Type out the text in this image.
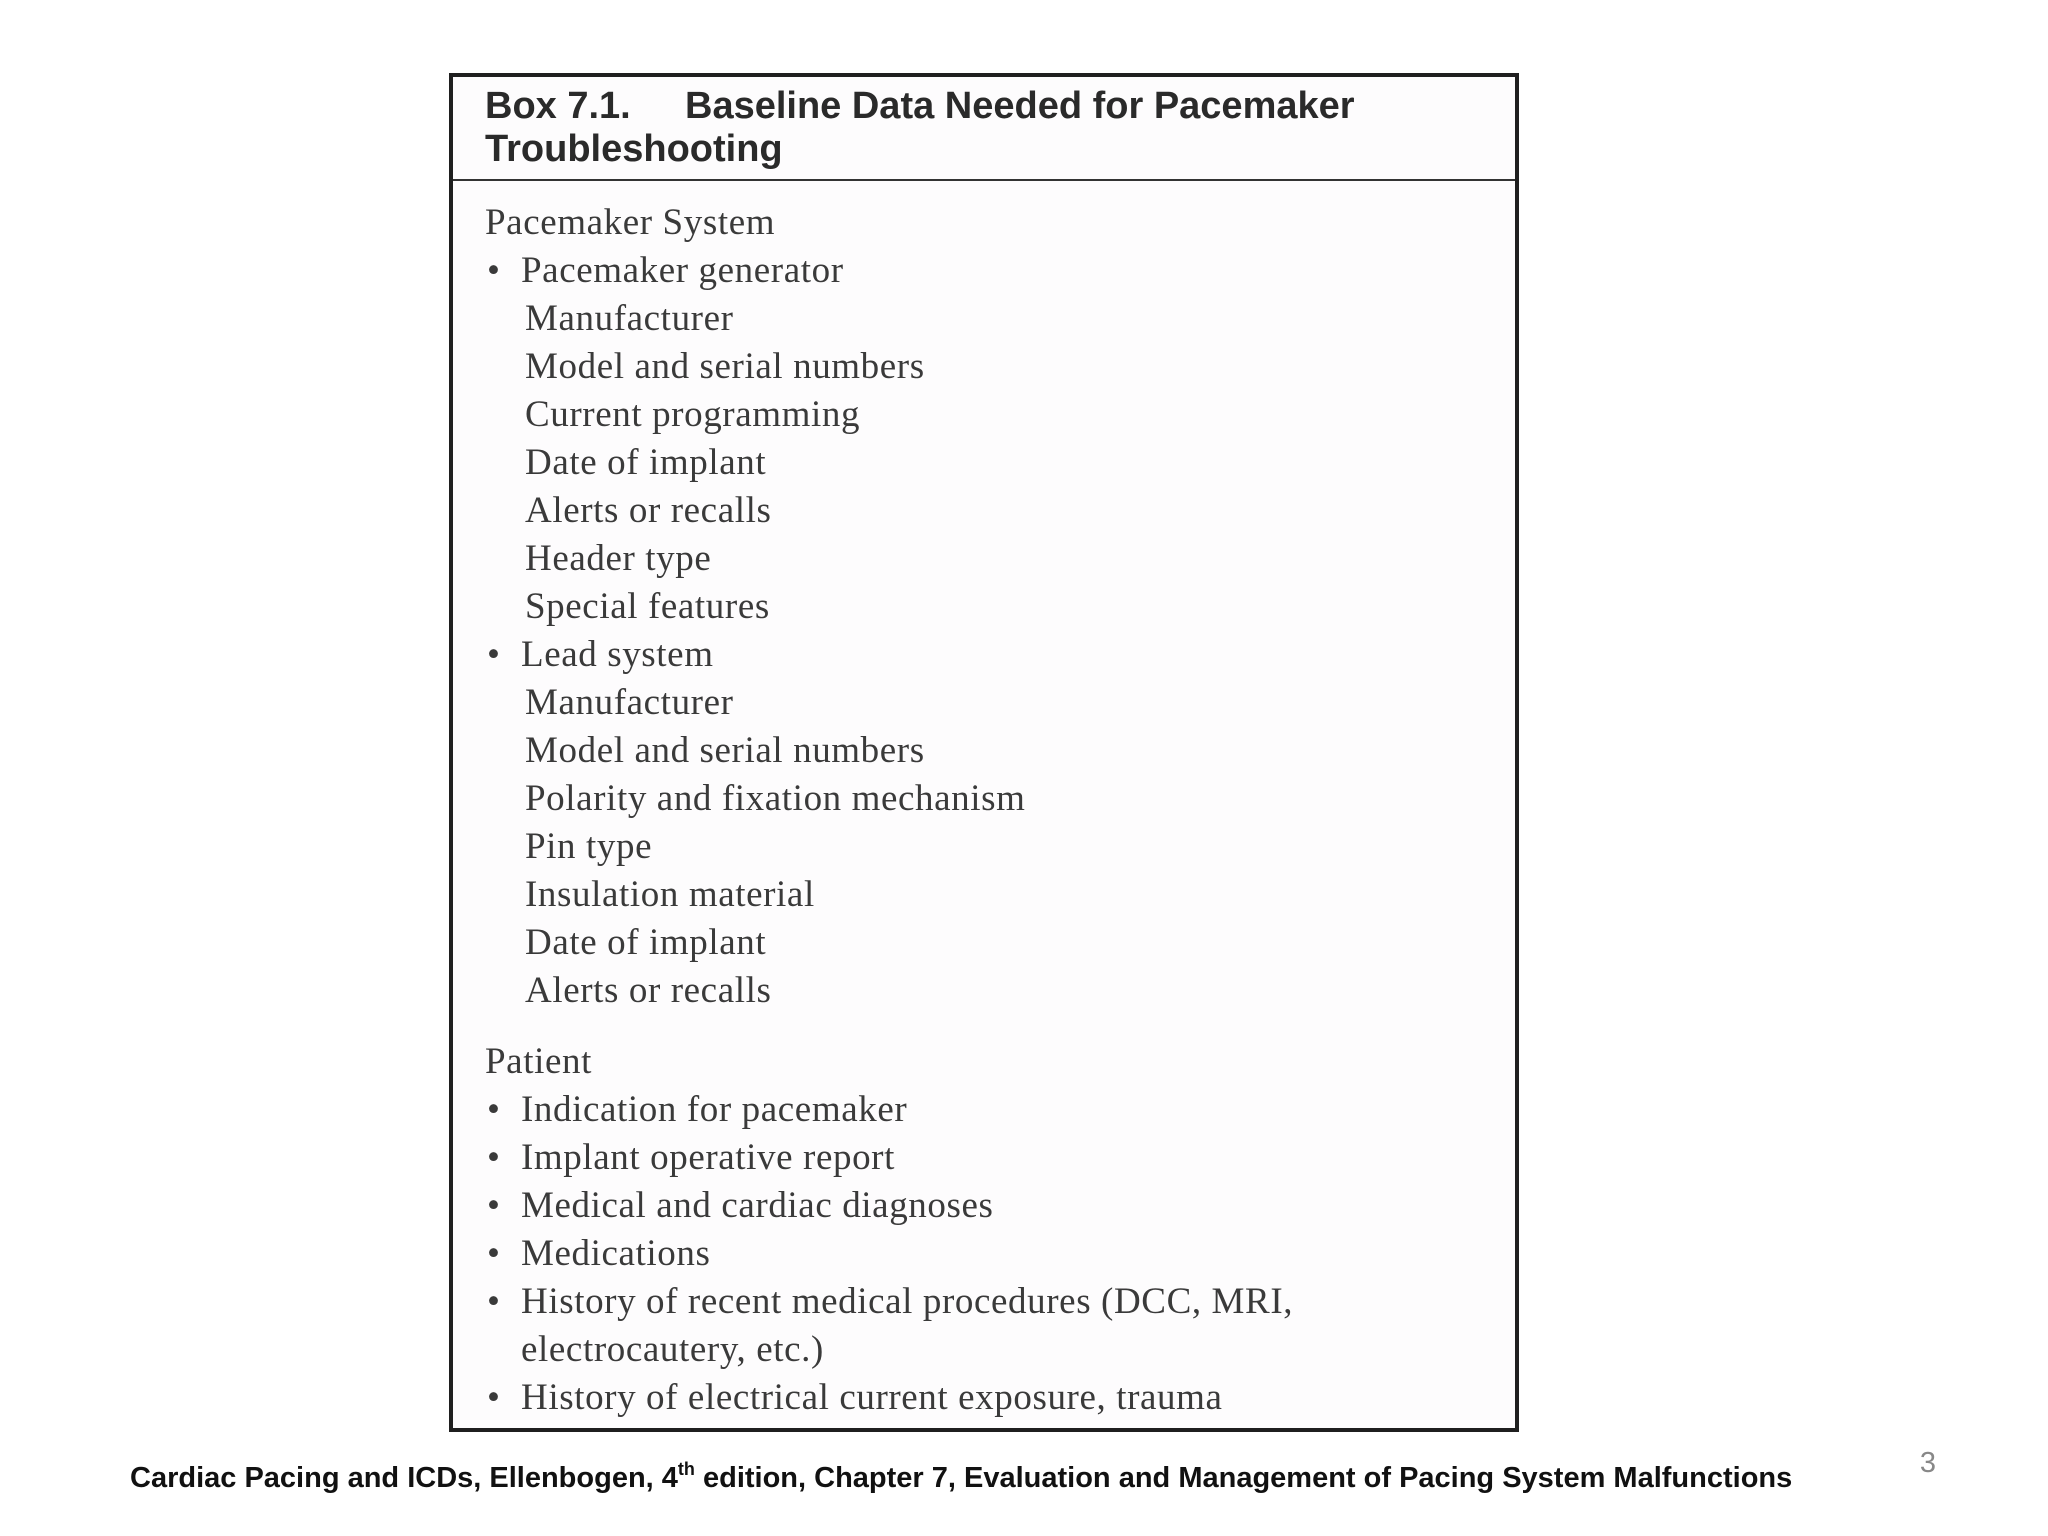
Box 7.1. Baseline Data Needed for Pacemaker
Troubleshooting
Pacemaker System
• Pacemaker generator
Manufacturer
Model and serial numbers
Current programming
Date of implant
Alerts or recalls
Header type
Special features
• Lead system
Manufacturer
Model and serial numbers
Polarity and fixation mechanism
Pin type
Insulation material
Date of implant
Alerts or recalls
Patient
• Indication for pacemaker
• Implant operative report
• Medical and cardiac diagnoses
• Medications
• History of recent medical procedures (DCC, MRI,
electrocautery, etc.)
• History of electrical current exposure, trauma
Cardiac Pacing and ICDs, Ellenbogen, 4th edition, Chapter 7, Evaluation and Management of Pacing System Malfunctions	3
